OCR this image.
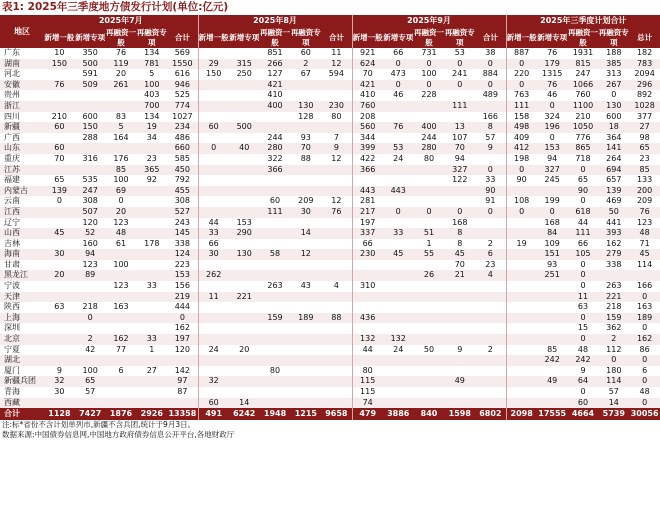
表1: 2025年三季度地方债发行计划(单位:亿元)
地区	2025年7月					2025年8月					2025年9月					2025年三季度计划合计				
	新增一般	新增专项	再融资一般	再融资专项	合计	新增一般	新增专项	再融资一般	再融资专项	合计	新增一般	新增专项	再融资一般	再融资专项	合计	新增一般	新增专项	再融资一般	再融资专项	总计
广东	10	350	76	134	569			851	60	11	921	66	731	53	38	887	76	1931	188	182
湖南	150	500	119	781	1550	29	315	266	2	12	624	0	0	0	0	0	179	815	385	783
河北		591	20	5	616	150	250	127	67	594	70	473	100	241	884	220	1315	247	313	2094
安徽	76	509	261	100	946			421			421	0	0	0	0	0	76	1066	267	296
贵州				403	525			410			410	46	228		489	763	46	760	0	892
浙江				700	774			400	130	230	760			111		111	0	1100	130	1028
四川	210	600	83	134	1027				128	80	208				166	158	324	210	600	377
新疆	60	150	5	19	234	60	500				560	76	400	13	8	498	196	1050	18	27
广西		288	164	34	486			244	93	7	344		244	107	57	409	0	776	364	98
山东	60				660	0	40	280	70	9	399	53	280	70	9	412	153	865	141	65
重庆	70	316	176	23	585			322	88	12	422	24	80	94		198	94	718	264	23
江苏			85	365	450			366			366			327	0	0	327	0	694	85
福建	65	535	100	92	792									122	33	90	245	65	657	133
内蒙古	139	247	69		455						443	443			90			90	139	200
云南	0	308	0		308			60	209	12	281				91	108	199	0	469	209
江西		507	20		527			111	30	76	217	0	0	0	0	0	0	618	50	76
辽宁		120	123		243	44	153				197			168			168	44	441	123
山西	45	52	48		145	33	290		14		337	33	51	8			84	111	393	48
吉林		160	61	178	338	66					66		1	8	2	19	109	66	162	71
海南	30	94			124	30	130	58	12		230	45	55	45	6		151	105	279	45
甘肃		123	100		223									70	23		93	0	338	114
黑龙江	20	89			153	262							26	21	4		251	0		
宁波			123	33	156			263	43	4	310							0	263	166
天津					219	11	221											11	221	0
陕西	63	218	163		444													63	218	163
上海		0			0			159	189	88	436							0	159	189
深圳					162													15	362	0
北京		2	162	33	197						132	132						0	2	162
宁夏		42	77	1	120	24	20				44	24	50	9	2		85	48	112	86
湖北																	242	242	0	0
厦门	9	100	6	27	142			80			80							9	180	6
新疆兵团	32	65			97	32					115			49			49	64	114	0
青海	30	57			87						115							0	57	48
西藏						60	14				74							60	14	0
合计	1128	7427	1876	2926	13358	491	6242	1948	1215	9658	479	3886	840	1598	6802	2098	17555	4664	5739	30056
注:标*省份不含计划单列市,新疆不含兵团,统计于9月3日。
数据来源:中国债券信息网,中国地方政府债券信息公开平台,各地财政厅
